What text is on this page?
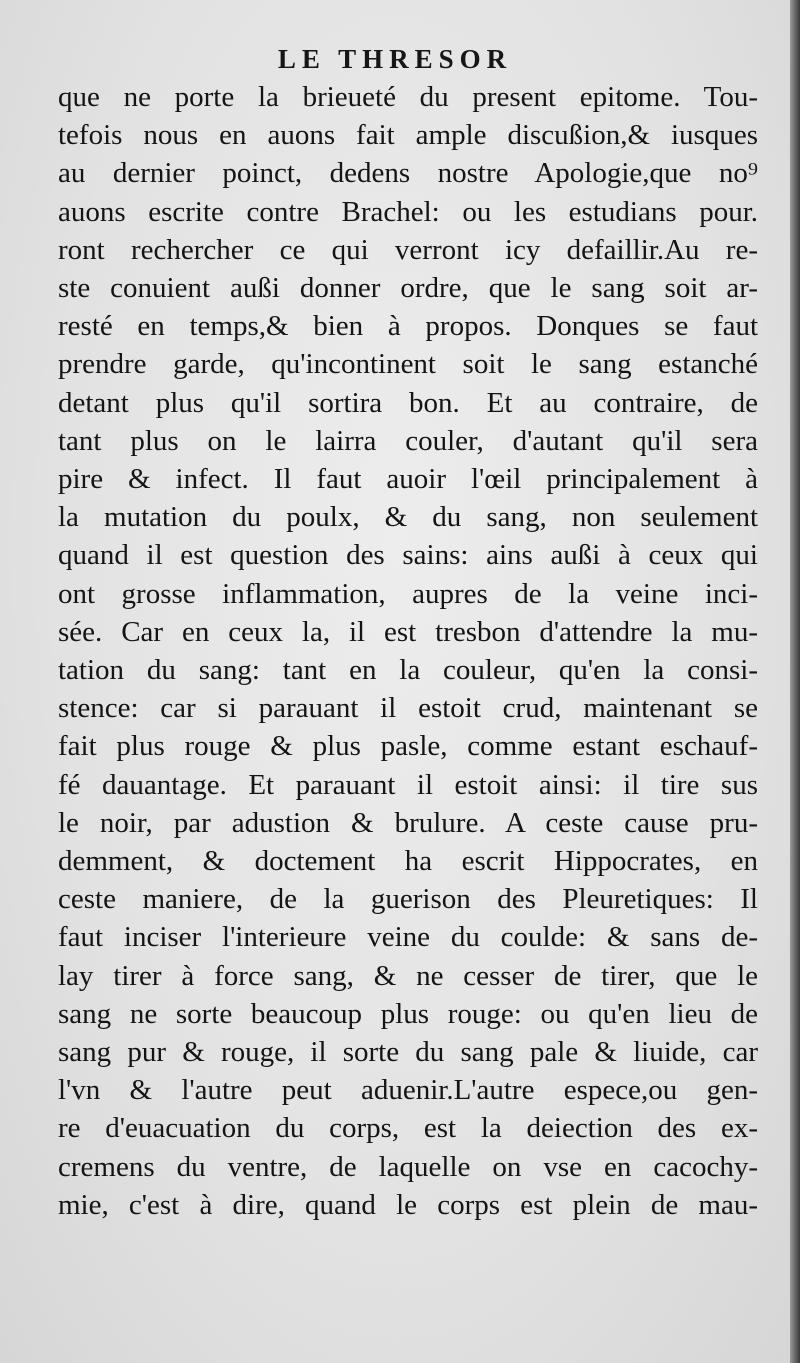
LE THRESOR
que ne porte la brieueté du present epitome. Tou-
tefois nous en auons fait ample discußion,& iusques
au dernier poinct, dedens nostre Apologie,que no⁹
auons escrite contre Brachel: ou les estudians pour.
ront rechercher ce qui verront icy defaillir.Au re-
ste conuient außi donner ordre, que le sang soit ar-
resté en temps,& bien à propos. Donques se faut
prendre garde, qu'incontinent soit le sang estanché
detant plus qu'il sortira bon. Et au contraire, de
tant plus on le lairra couler, d'autant qu'il sera
pire & infect. Il faut auoir l'œil principalement à
la mutation du poulx, & du sang, non seulement
quand il est question des sains: ains außi à ceux qui
ont grosse inflammation, aupres de la veine inci-
sée. Car en ceux la, il est tresbon d'attendre la mu-
tation du sang: tant en la couleur, qu'en la consi-
stence: car si parauant il estoit crud, maintenant se
fait plus rouge & plus pasle, comme estant eschauf-
fé dauantage. Et parauant il estoit ainsi: il tire sus
le noir, par adustion & brulure. A ceste cause pru-
demment, & doctement ha escrit Hippocrates, en
ceste maniere, de la guerison des Pleuretiques: Il
faut inciser l'interieure veine du coulde: & sans de-
lay tirer à force sang, & ne cesser de tirer, que le
sang ne sorte beaucoup plus rouge: ou qu'en lieu de
sang pur & rouge, il sorte du sang pale & liuide, car
l'vn & l'autre peut aduenir.L'autre espece,ou gen-
re d'euacuation du corps, est la deiection des ex-
cremens du ventre, de laquelle on vse en cacochy-
mie, c'est à dire, quand le corps est plein de mau-
